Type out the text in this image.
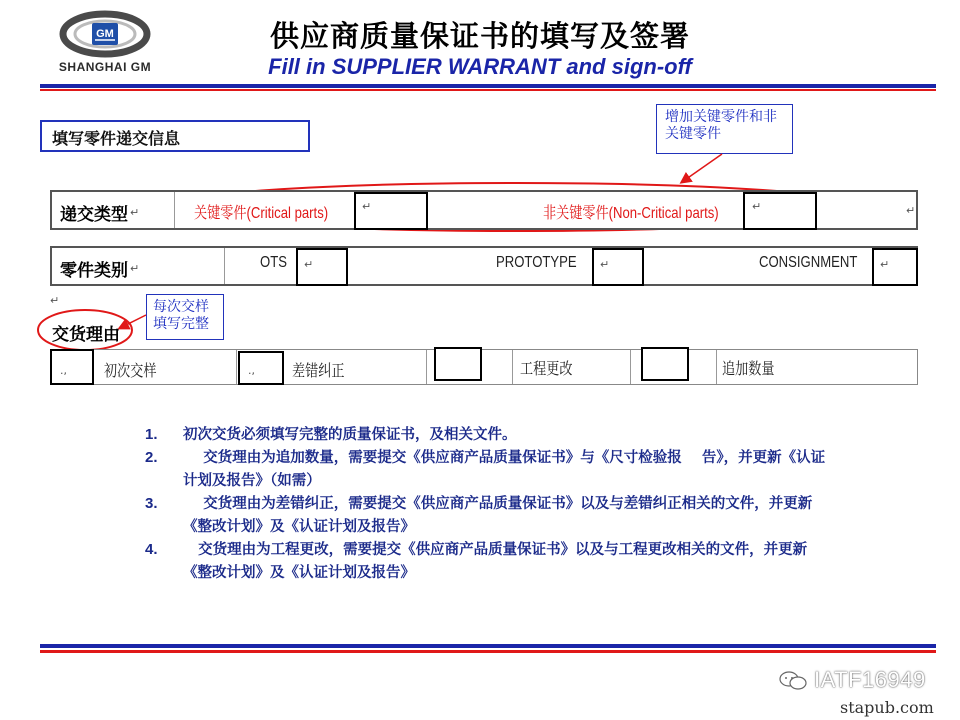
GM
SHANGHAI GM
供应商质量保证书的填写及签署
Fill in SUPPLIER WARRANT and sign-off
填写零件递交信息
增加关键零件和非关键零件
递交类型 ↵	关键零件(Critical parts)	↵	非关键零件(Non-Critical parts)	↵	↵
零件类别 ↵	OTS ↵	PROTOTYPE ↵	CONSIGNMENT ↵
↵	每次交样填写完整
交货理由
., 初次交样	., 差错纠正	工程更改	追加数量
1.	初次交货必须填写完整的质量保证书，及相关文件。
2.	交货理由为追加数量，需要提交《供应商产品质量保证书》与《尺寸检验报    告》，并更新《认证计划及报告》（如需）
3.	交货理由为差错纠正，需要提交《供应商产品质量保证书》以及与差错纠正相关的文件，并更新《整改计划》及《认证计划及报告》
4.	交货理由为工程更改，需要提交《供应商产品质量保证书》以及与工程更改相关的文件，并更新《整改计划》及《认证计划及报告》
IATF16949
stapub.com
